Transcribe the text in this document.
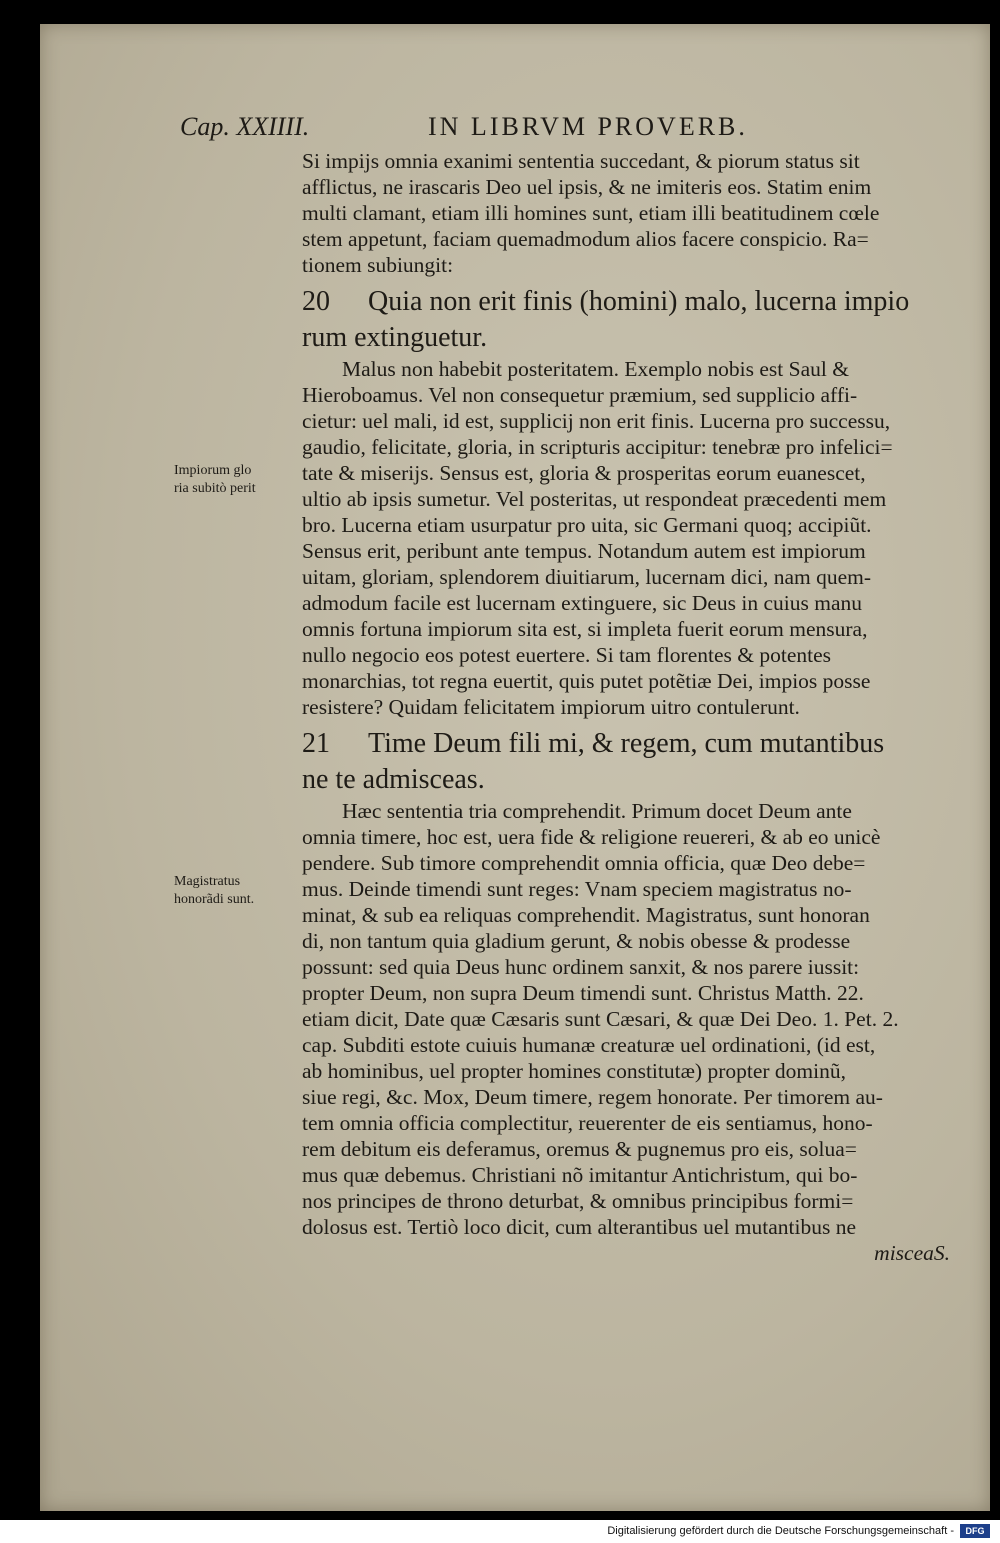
Cap. XXIIII.	IN LIBRVM PROVERB.
Impiorum glo
ria subitò perit
Magistratus
honorãdi sunt.
Si impijs omnia exanimi sententia succedant, & piorum status sit
afflictus, ne irascaris Deo uel ipsis, & ne imiteris eos. Statim enim
multi clamant, etiam illi homines sunt, etiam illi beatitudinem cœle
stem appetunt, faciam quemadmodum alios facere conspicio. Ra=
tionem subiungit:
20 Quia non erit finis (homini) malo, lucerna impio
rum extinguetur.
Malus non habebit posteritatem. Exemplo nobis est Saul &
Hieroboamus. Vel non consequetur præmium, sed supplicio affi-
cietur: uel mali, id est, supplicij non erit finis. Lucerna pro successu,
gaudio, felicitate, gloria, in scripturis accipitur: tenebræ pro infelici=
tate & miserijs. Sensus est, gloria & prosperitas eorum euanescet,
ultio ab ipsis sumetur. Vel posteritas, ut respondeat præcedenti mem
bro. Lucerna etiam usurpatur pro uita, sic Germani quoq; accipiũt.
Sensus erit, peribunt ante tempus. Notandum autem est impiorum
uitam, gloriam, splendorem diuitiarum, lucernam dici, nam quem-
admodum facile est lucernam extinguere, sic Deus in cuius manu
omnis fortuna impiorum sita est, si impleta fuerit eorum mensura,
nullo negocio eos potest euertere. Si tam florentes & potentes
monarchias, tot regna euertit, quis putet potẽtiæ Dei, impios posse
resistere? Quidam felicitatem impiorum uitro contulerunt.
21 Time Deum fili mi, & regem, cum mutantibus
ne te admisceas.
Hæc sententia tria comprehendit. Primum docet Deum ante
omnia timere, hoc est, uera fide & religione reuereri, & ab eo unicè
pendere. Sub timore comprehendit omnia officia, quæ Deo debe=
mus. Deinde timendi sunt reges: Vnam speciem magistratus no-
minat, & sub ea reliquas comprehendit. Magistratus, sunt honoran
di, non tantum quia gladium gerunt, & nobis obesse & prodesse
possunt: sed quia Deus hunc ordinem sanxit, & nos parere iussit:
propter Deum, non supra Deum timendi sunt. Christus Matth. 22.
etiam dicit, Date quæ Cæsaris sunt Cæsari, & quæ Dei Deo. 1. Pet. 2.
cap. Subditi estote cuiuis humanæ creaturæ uel ordinationi, (id est,
ab hominibus, uel propter homines constitutæ) propter dominũ,
siue regi, &c. Mox, Deum timere, regem honorate. Per timorem au-
tem omnia officia complectitur, reuerenter de eis sentiamus, hono-
rem debitum eis deferamus, oremus & pugnemus pro eis, solua=
mus quæ debemus. Christiani nõ imitantur Antichristum, qui bo-
nos principes de throno deturbat, & omnibus principibus formi=
dolosus est. Tertiò loco dicit, cum alterantibus uel mutantibus ne
misceaS.
Digitalisierung gefördert durch die Deutsche Forschungsgemeinschaft -	DFG
